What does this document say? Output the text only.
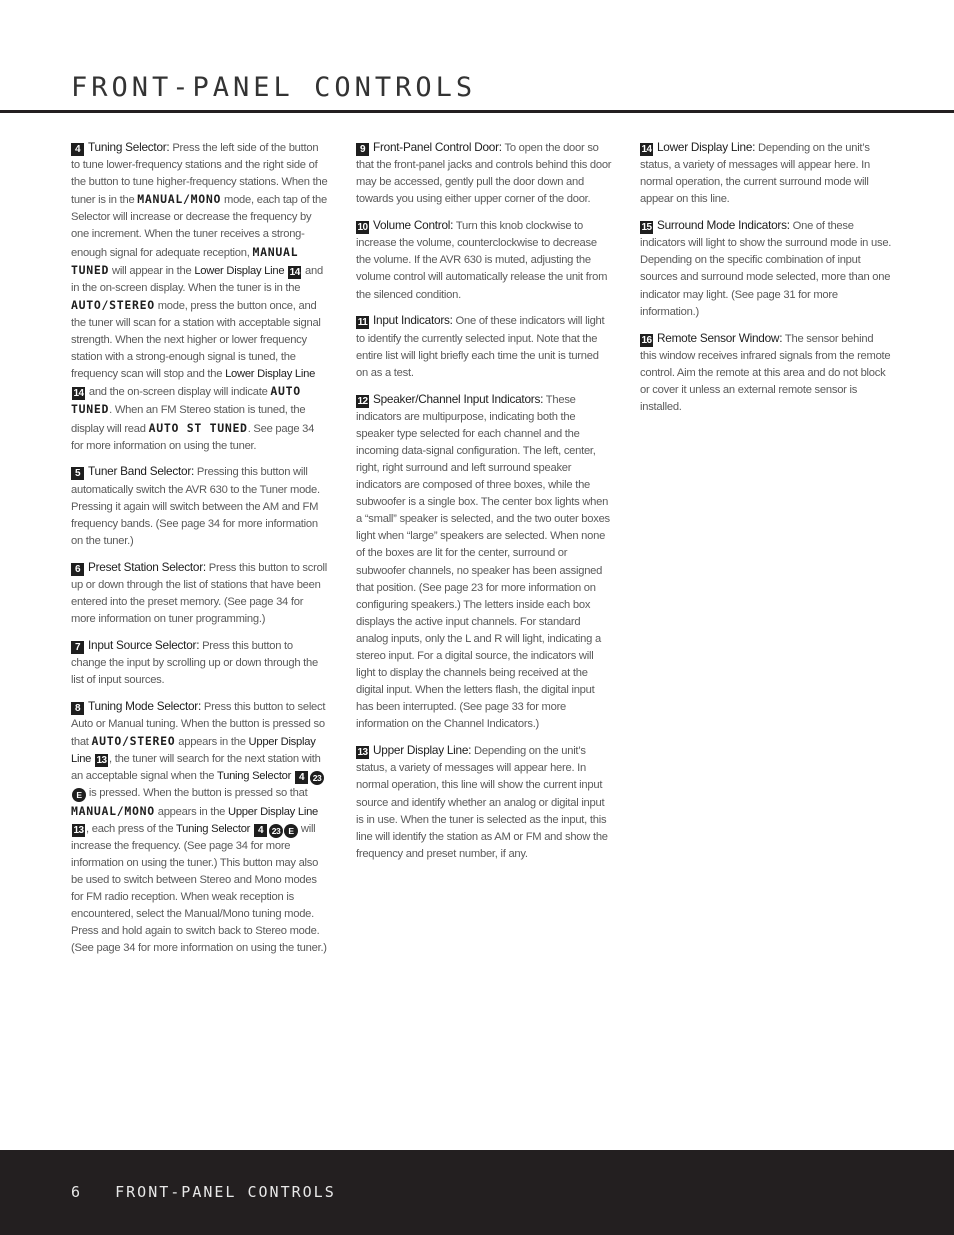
FRONT-PANEL CONTROLS

4 Tuning Selector: Press the left side of the button to tune lower-frequency stations and the right side of the button to tune higher-frequency stations. When the tuner is in the MANUAL/MONO mode, each tap of the Selector will increase or decrease the frequency by one increment. When the tuner receives a strong-enough signal for adequate reception, MANUAL TUNED will appear in the Lower Display Line 14 and in the on-screen display. When the tuner is in the AUTO/STEREO mode, press the button once, and the tuner will scan for a station with acceptable signal strength. When the next higher or lower frequency station with a strong-enough signal is tuned, the frequency scan will stop and the Lower Display Line 14 and the on-screen display will indicate AUTO TUNED. When an FM Stereo station is tuned, the display will read AUTO ST TUNED. See page 34 for more information on using the tuner.

5 Tuner Band Selector: Pressing this button will automatically switch the AVR 630 to the Tuner mode. Pressing it again will switch between the AM and FM frequency bands. (See page 34 for more information on the tuner.)

6 Preset Station Selector: Press this button to scroll up or down through the list of stations that have been entered into the preset memory. (See page 34 for more information on tuner programming.)

7 Input Source Selector: Press this button to change the input by scrolling up or down through the list of input sources.

8 Tuning Mode Selector: Press this button to select Auto or Manual tuning. When the button is pressed so that AUTO/STEREO appears in the Upper Display Line 13 , the tuner will search for the next station with an acceptable signal when the Tuning Selector 4 23E is pressed. When the button is pressed so that MANUAL/MONO appears in the Upper Display Line 13 , each press of the Tuning Selector 4 23 E will increase the frequency. (See page 34 for more information on using the tuner.) This button may also be used to switch between Stereo and Mono modes for FM radio reception. When weak reception is encountered, select the Manual/Mono tuning mode. Press and hold again to switch back to Stereo mode. (See page 34 for more information on using the tuner.)

9 Front-Panel Control Door: To open the door so that the front-panel jacks and controls behind this door may be accessed, gently pull the door down and towards you using either upper corner of the door.

10 Volume Control: Turn this knob clockwise to increase the volume, counterclockwise to decrease the volume. If the AVR 630 is muted, adjusting the volume control will automatically release the unit from the silenced condition.

11 Input Indicators: One of these indicators will light to identify the currently selected input. Note that the entire list will light briefly each time the unit is turned on as a test.

12 Speaker/Channel Input Indicators: These indicators are multipurpose, indicating both the speaker type selected for each channel and the incoming data-signal configuration. The left, center, right, right surround and left surround speaker indicators are composed of three boxes, while the subwoofer is a single box. The center box lights when a “small” speaker is selected, and the two outer boxes light when “large” speakers are selected. When none of the boxes are lit for the center, surround or subwoofer channels, no speaker has been assigned that position. (See page 23 for more information on configuring speakers.) The letters inside each box displays the active input channels. For standard analog inputs, only the L and R will light, indicating a stereo input. For a digital source, the indicators will light to display the channels being received at the digital input. When the letters flash, the digital input has been interrupted. (See page 33 for more information on the Channel Indicators.)

13 Upper Display Line: Depending on the unit’s status, a variety of messages will appear here. In normal operation, this line will show the current input source and identify whether an analog or digital input is in use. When the tuner is selected as the input, this line will identify the station as AM or FM and show the frequency and preset number, if any.

14 Lower Display Line: Depending on the unit’s status, a variety of messages will appear here. In normal operation, the current surround mode will appear on this line.

15 Surround Mode Indicators: One of these indicators will light to show the surround mode in use. Depending on the specific combination of input sources and surround mode selected, more than one indicator may light. (See page 31 for more information.)

16 Remote Sensor Window: The sensor behind this window receives infrared signals from the remote control. Aim the remote at this area and do not block or cover it unless an external remote sensor is installed.

6 FRONT-PANEL CONTROLS
